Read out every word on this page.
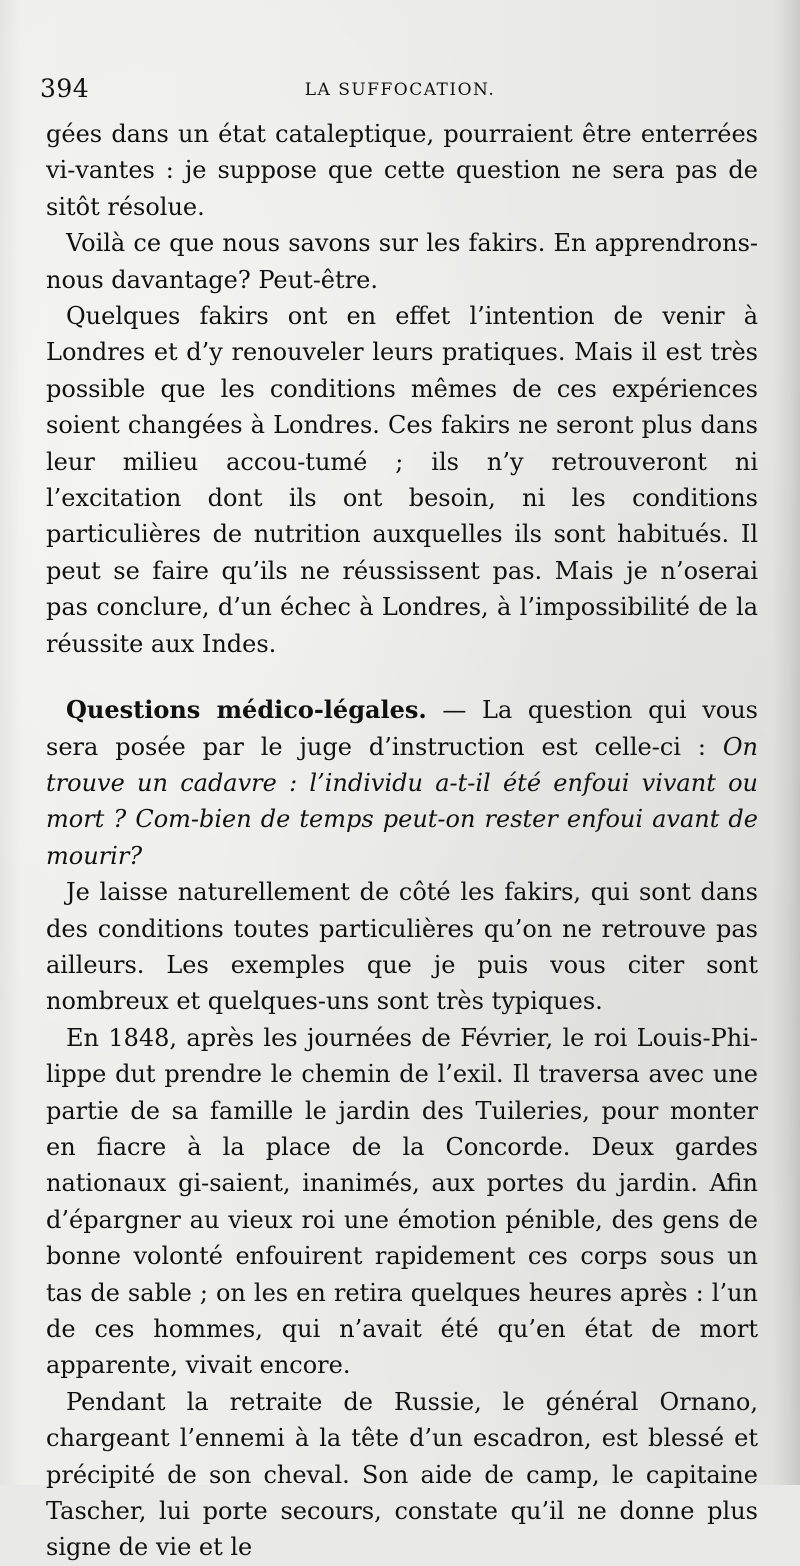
394	LA SUFFOCATION.

gées dans un état cataleptique, pourraient être enterrées vi-vantes : je suppose que cette question ne sera pas de sitôt résolue.

Voilà ce que nous savons sur les fakirs. En apprendrons-nous davantage? Peut-être.

Quelques fakirs ont en effet l’intention de venir à Londres et d’y renouveler leurs pratiques. Mais il est très possible que les conditions mêmes de ces expériences soient changées à Londres. Ces fakirs ne seront plus dans leur milieu accou-tumé ; ils n’y retrouveront ni l’excitation dont ils ont besoin, ni les conditions particulières de nutrition auxquelles ils sont habitués. Il peut se faire qu’ils ne réussissent pas. Mais je n’oserai pas conclure, d’un échec à Londres, à l’impossibilité de la réussite aux Indes.

Questions médico-légales. — La question qui vous sera posée par le juge d’instruction est celle-ci : On trouve un cadavre : l’individu a-t-il été enfoui vivant ou mort ? Com-bien de temps peut-on rester enfoui avant de mourir?

Je laisse naturellement de côté les fakirs, qui sont dans des conditions toutes particulières qu’on ne retrouve pas ailleurs. Les exemples que je puis vous citer sont nombreux et quelques-uns sont très typiques.

En 1848, après les journées de Février, le roi Louis-Phi-lippe dut prendre le chemin de l’exil. Il traversa avec une partie de sa famille le jardin des Tuileries, pour monter en fiacre à la place de la Concorde. Deux gardes nationaux gi-saient, inanimés, aux portes du jardin. Afin d’épargner au vieux roi une émotion pénible, des gens de bonne volonté enfouirent rapidement ces corps sous un tas de sable ; on les en retira quelques heures après : l’un de ces hommes, qui n’avait été qu’en état de mort apparente, vivait encore.

Pendant la retraite de Russie, le général Ornano, chargeant l’ennemi à la tête d’un escadron, est blessé et précipité de son cheval. Son aide de camp, le capitaine Tascher, lui porte secours, constate qu’il ne donne plus signe de vie et le
